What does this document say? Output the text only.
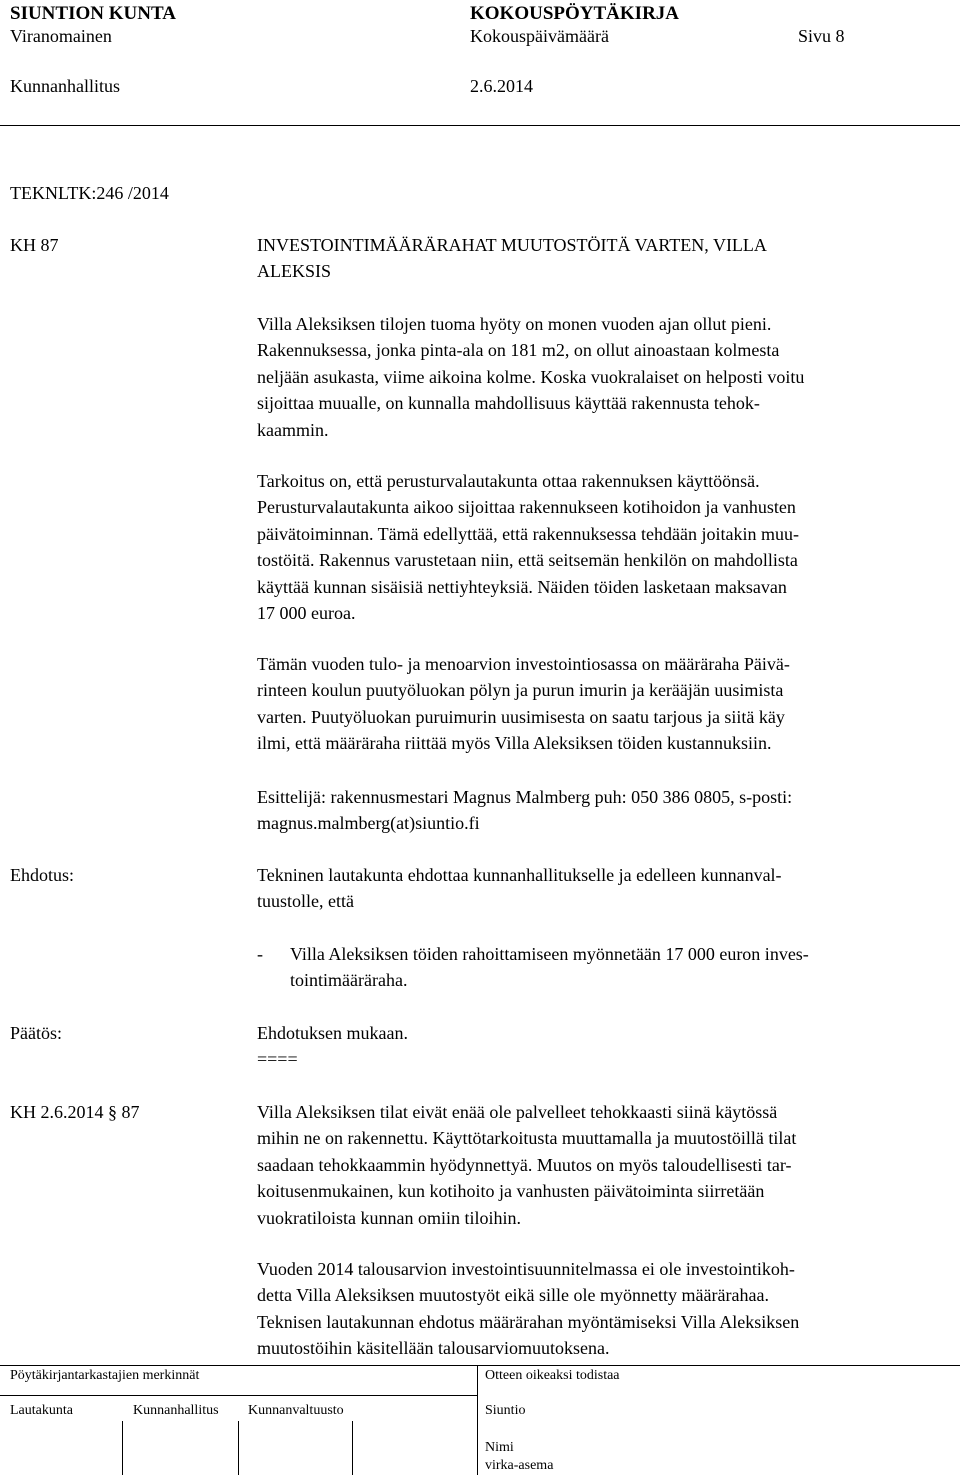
SIUNTION KUNTA	KOKOUSPÖYTÄKIRJA
Viranomainen	Kokouspäivämäärä	Sivu 8
Kunnanhallitus	2.6.2014
TEKNLTK:246 /2014
KH 87	INVESTOINTIMÄÄRÄRAHAT MUUTOSTÖITÄ VARTEN, VILLA
ALEKSIS
Villa Aleksiksen tilojen tuoma hyöty on monen vuoden ajan ollut pieni.
Rakennuksessa, jonka pinta-ala on 181 m2, on ollut ainoastaan kolmesta
neljään asukasta, viime aikoina kolme. Koska vuokralaiset on helposti voitu
sijoittaa muualle, on kunnalla mahdollisuus käyttää rakennusta tehok-
kaammin.
Tarkoitus on, että perusturvalautakunta ottaa rakennuksen käyttöönsä.
Perusturvalautakunta aikoo sijoittaa rakennukseen kotihoidon ja vanhusten
päivätoiminnan. Tämä edellyttää, että rakennuksessa tehdään joitakin muu-
tostöitä. Rakennus varustetaan niin, että seitsemän henkilön on mahdollista
käyttää kunnan sisäisiä nettiyhteyksiä. Näiden töiden lasketaan maksavan
17 000 euroa.
Tämän vuoden tulo- ja menoarvion investointiosassa on määräraha Päivä-
rinteen koulun puutyöluokan pölyn ja purun imurin ja kerääjän uusimista
varten. Puutyöluokan puruimurin uusimisesta on saatu tarjous ja siitä käy
ilmi, että määräraha riittää myös Villa Aleksiksen töiden kustannuksiin.
Esittelijä: rakennusmestari Magnus Malmberg puh: 050 386 0805, s-posti:
magnus.malmberg(at)siuntio.fi
Ehdotus:	Tekninen lautakunta ehdottaa kunnanhallitukselle ja edelleen kunnanval-
tuustolle, että
- Villa Aleksiksen töiden rahoittamiseen myönnetään 17 000 euron inves-
tointimääräraha.
Päätös:	Ehdotuksen mukaan.
====
KH 2.6.2014 § 87	Villa Aleksiksen tilat eivät enää ole palvelleet tehokkaasti siinä käytössä
mihin ne on rakennettu. Käyttötarkoitusta muuttamalla ja muutostöillä tilat
saadaan tehokkaammin hyödynnettyä. Muutos on myös taloudellisesti tar-
koitusenmukainen, kun kotihoito ja vanhusten päivätoiminta siirretään
vuokratiloista kunnan omiin tiloihin.
Vuoden 2014 talousarvion investointisuunnitelmassa ei ole investointikoh-
detta Villa Aleksiksen muutostyöt eikä sille ole myönnetty määrärahaa.
Teknisen lautakunnan ehdotus määrärahan myöntämiseksi Villa Aleksiksen
muutostöihin käsitellään talousarviomuutoksena.
Pöytäkirjantarkastajien merkinnät	Otteen oikeaksi todistaa
Lautakunta	Kunnanhallitus Kunnanvaltuusto	Siuntio
Nimi
virka-asema
